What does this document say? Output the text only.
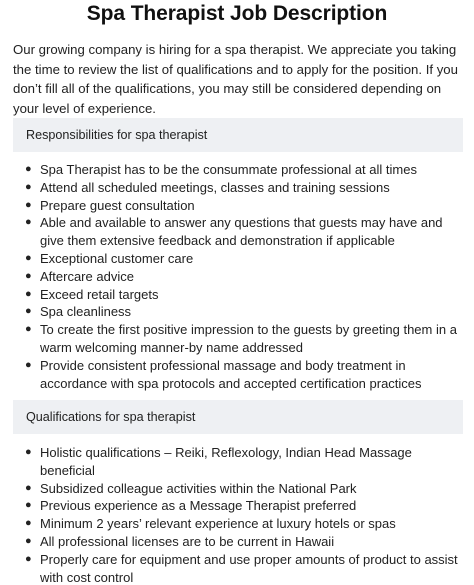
Spa Therapist Job Description

Our growing company is hiring for a spa therapist. We appreciate you taking the time to review the list of qualifications and to apply for the position. If you don’t fill all of the qualifications, you may still be considered depending on your level of experience.

Responsibilities for spa therapist
● Spa Therapist has to be the consummate professional at all times
● Attend all scheduled meetings, classes and training sessions
● Prepare guest consultation
● Able and available to answer any questions that guests may have and give them extensive feedback and demonstration if applicable
● Exceptional customer care
● Aftercare advice
● Exceed retail targets
● Spa cleanliness
● To create the first positive impression to the guests by greeting them in a warm welcoming manner-by name addressed
● Provide consistent professional massage and body treatment in accordance with spa protocols and accepted certification practices
Qualifications for spa therapist
● Holistic qualifications – Reiki, Reflexology, Indian Head Massage beneficial
● Subsidized colleague activities within the National Park
● Previous experience as a Message Therapist preferred
● Minimum 2 years’ relevant experience at luxury hotels or spas
● All professional licenses are to be current in Hawaii
● Properly care for equipment and use proper amounts of product to assist with cost control
